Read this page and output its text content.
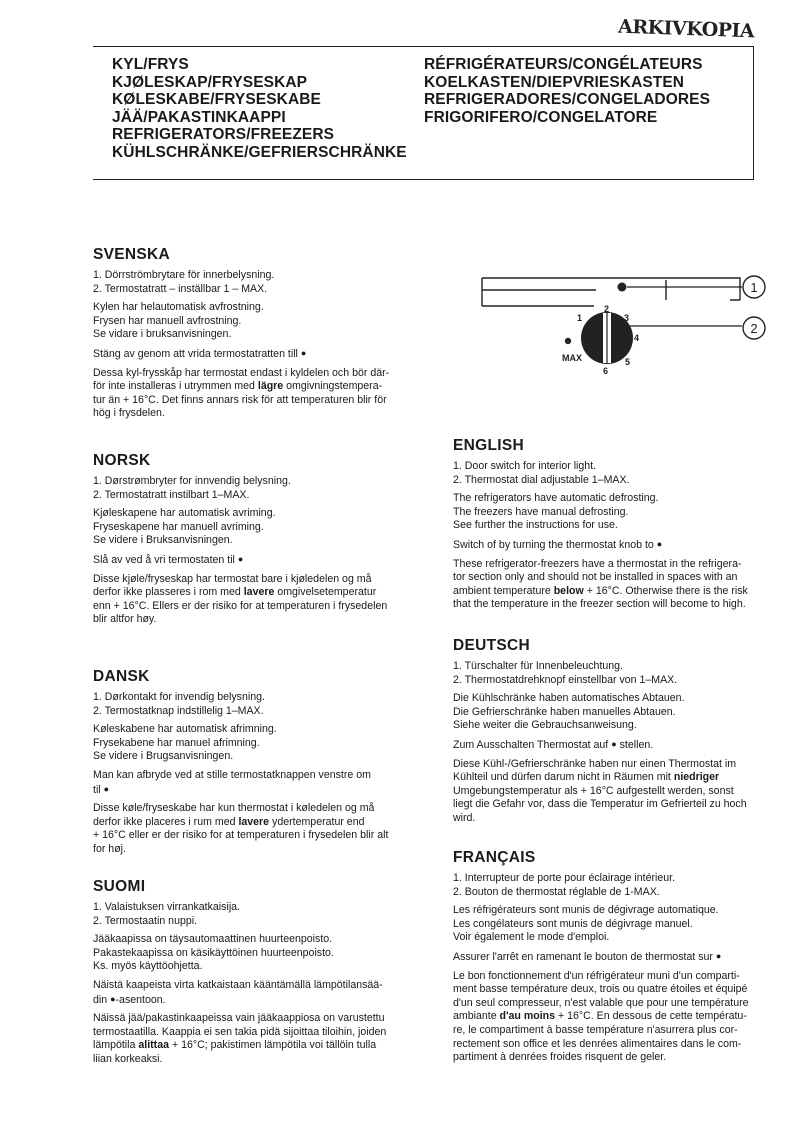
ARKIVKOPIA
KYL/FRYS
KJØLESKAP/FRYSESKAP
KØLESKABE/FRYSESKABE
JÄÄ/PAKASTINKAAPPI
REFRIGERATORS/FREEZERS
KÜHLSCHRÄNKE/GEFRIERSCHRÄNKE
RÉFRIGÉRATEURS/CONGÉLATEURS
KOELKASTEN/DIEPVRIESKASTEN
REFRIGERADORES/CONGELADORES
FRIGORIFERO/CONGELATORE
1
2
1
2
3
4
5
6
MAX
SVENSKA
1. Dörrströmbrytare för innerbelysning.
2. Termostatratt – inställbar 1 – MAX.
Kylen har helautomatisk avfrostning.
Frysen har manuell avfrostning.
Se vidare i bruksanvisningen.
Stäng av genom att vrida termostatratten till ●
Dessa kyl-frysskåp har termostat endast i kyldelen och bör där-
för inte installeras i utrymmen med lägre omgivningstempera-
tur än + 16°C. Det finns annars risk för att temperaturen blir för
hög i frysdelen.
NORSK
1. Dørstrømbryter for innvendig belysning.
2. Termostatratt instilbart 1–MAX.
Kjøleskapene har automatisk avriming.
Fryseskapene har manuell avriming.
Se videre i Bruksanvisningen.
Slå av ved å vri termostaten til ●
Disse kjøle/fryseskap har termostat bare i kjøledelen og må
derfor ikke plasseres i rom med lavere omgivelsetemperatur
enn + 16°C. Ellers er der risiko for at temperaturen i frysedelen
blir altfor høy.
DANSK
1. Dørkontakt for invendig belysning.
2. Termostatknap indstillelig 1–MAX.
Køleskabene har automatisk afrimning.
Frysekabene har manuel afrimning.
Se videre i Brugsanvisningen.
Man kan afbryde ved at stille termostatknappen venstre om
til ●
Disse køle/fryseskabe har kun thermostat i køledelen og må
derfor ikke placeres i rum med lavere ydertemperatur end
+ 16°C eller er der risiko for at temperaturen i frysedelen blir alt
for høj.
SUOMI
1. Valaistuksen virrankatkaisija.
2. Termostaatin nuppi.
Jääkaapissa on täysautomaattinen huurteenpoisto.
Pakastekaapissa on käsikäyttöinen huurteenpoisto.
Ks. myös käyttöohjetta.
Näistä kaapeista virta katkaistaan kääntämällä lämpötilansää-
din ●-asentoon.
Näissä jää/pakastinkaapeissa vain jääkaappiosa on varustettu
termostaatilla. Kaappia ei sen takia pidä sijoittaa tiloihin, joiden
lämpötila alittaa + 16°C; pakistimen lämpötila voi tällöin tulla
liian korkeaksi.
ENGLISH
1. Door switch for interior light.
2. Thermostat dial adjustable 1–MAX.
The refrigerators have automatic defrosting.
The freezers have manual defrosting.
See further the instructions for use.
Switch of by turning the thermostat knob to ●
These refrigerator-freezers have a thermostat in the refrigera-
tor section only and should not be installed in spaces with an
ambient temperature below + 16°C. Otherwise there is the risk
that the temperature in the freezer section will become to high.
DEUTSCH
1. Türschalter für Innenbeleuchtung.
2. Thermostatdrehknopf einstellbar von 1–MAX.
Die Kühlschränke haben automatisches Abtauen.
Die Gefrierschränke haben manuelles Abtauen.
Siehe weiter die Gebrauchsanweisung.
Zum Ausschalten Thermostat auf ● stellen.
Diese Kühl-/Gefrierschränke haben nur einen Thermostat im
Kühlteil und dürfen darum nicht in Räumen mit niedriger
Umgebungstemperatur als + 16°C aufgestellt werden, sonst
liegt die Gefahr vor, dass die Temperatur im Gefrierteil zu hoch
wird.
FRANÇAIS
1. Interrupteur de porte pour éclairage intérieur.
2. Bouton de thermostat réglable de 1-MAX.
Les réfrigérateurs sont munis de dégivrage automatique.
Les congélateurs sont munis de dégivrage manuel.
Voir également le mode d'emploi.
Assurer l'arrêt en ramenant le bouton de thermostat sur ●
Le bon fonctionnement d'un réfrigérateur muni d'un comparti-
ment basse température deux, trois ou quatre étoiles et équipé
d'un seul compresseur, n'est valable que pour une température
ambiante d'au moins + 16°C. En dessous de cette températu-
re, le compartiment à basse température n'asurrera plus cor-
rectement son office et les denrées alimentaires dans le com-
partiment à denrées froides risquent de geler.
